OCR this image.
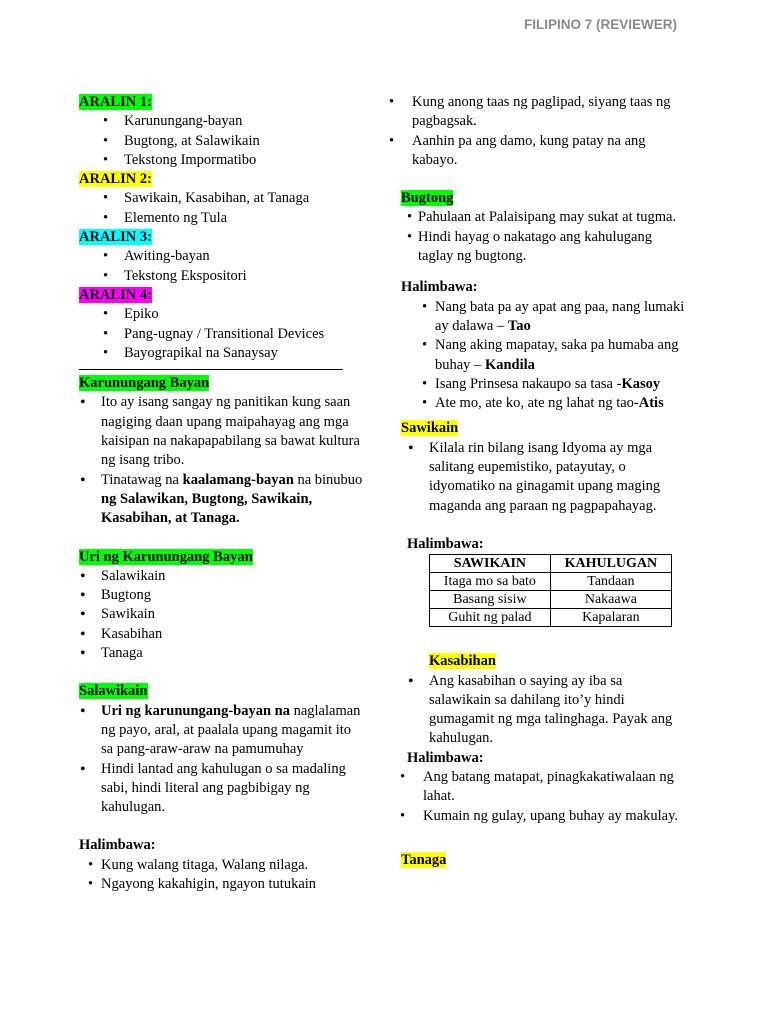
FILIPINO 7 (REVIEWER)
ARALIN 1:
• Karunungang-bayan
• Bugtong, at Salawikain
• Tekstong Impormatibo
ARALIN 2:
• Sawikain, Kasabihan, at Tanaga
• Elemento ng Tula
ARALIN 3:
• Awiting-bayan
• Tekstong Ekspositori
ARALIN 4:
• Epiko
• Pang-ugnay / Transitional Devices
• Bayograpikal na Sanaysay
Karunungang Bayan
• Ito ay isang sangay ng panitikan kung saan nagiging daan upang maipahayag ang mga kaisipan na nakapapabilang sa bawat kultura ng isang tribo.
• Tinatawag na kaalamang-bayan na binubuo ng Salawikan, Bugtong, Sawikain, Kasabihan, at Tanaga.
Uri ng Karunungang Bayan
• Salawikain
• Bugtong
• Sawikain
• Kasabihan
• Tanaga
Salawikain
• Uri ng karunungang-bayan na naglalaman ng payo, aral, at paalala upang magamit ito sa pang-araw-araw na pamumuhay
• Hindi lantad ang kahulugan o sa madaling sabi, hindi literal ang pagbibigay ng kahulugan.
Halimbawa:
• Kung walang titaga, Walang nilaga.
• Ngayong kakahigin, ngayon tutukain
• Kung anong taas ng paglipad, siyang taas ng pagbagsak.
• Aanhin pa ang damo, kung patay na ang kabayo.
Bugtong
• Pahulaan at Palaisipang may sukat at tugma.
• Hindi hayag o nakatago ang kahulugang taglay ng bugtong.
Halimbawa:
• Nang bata pa ay apat ang paa, nang lumaki ay dalawa – Tao
• Nang aking mapatay, saka pa humaba ang buhay – Kandila
• Isang Prinsesa nakaupo sa tasa -Kasoy
• Ate mo, ate ko, ate ng lahat ng tao-Atis
Sawikain
• Kilala rin bilang isang Idyoma ay mga salitang eupemistiko, patayutay, o idyomatiko na ginagamit upang maging maganda ang paraan ng pagpapahayag.
Halimbawa:
SAWIKAIN	KAHULUGAN
Itaga mo sa bato	Tandaan
Basang sisiw	Nakaawa
Guhit ng palad	Kapalaran
Kasabihan
• Ang kasabihan o saying ay iba sa salawikain sa dahilang ito’y hindi gumagamit ng mga talinghaga. Payak ang kahulugan.
Halimbawa:
• Ang batang matapat, pinagkakatiwalaan ng lahat.
• Kumain ng gulay, upang buhay ay makulay.
Tanaga
